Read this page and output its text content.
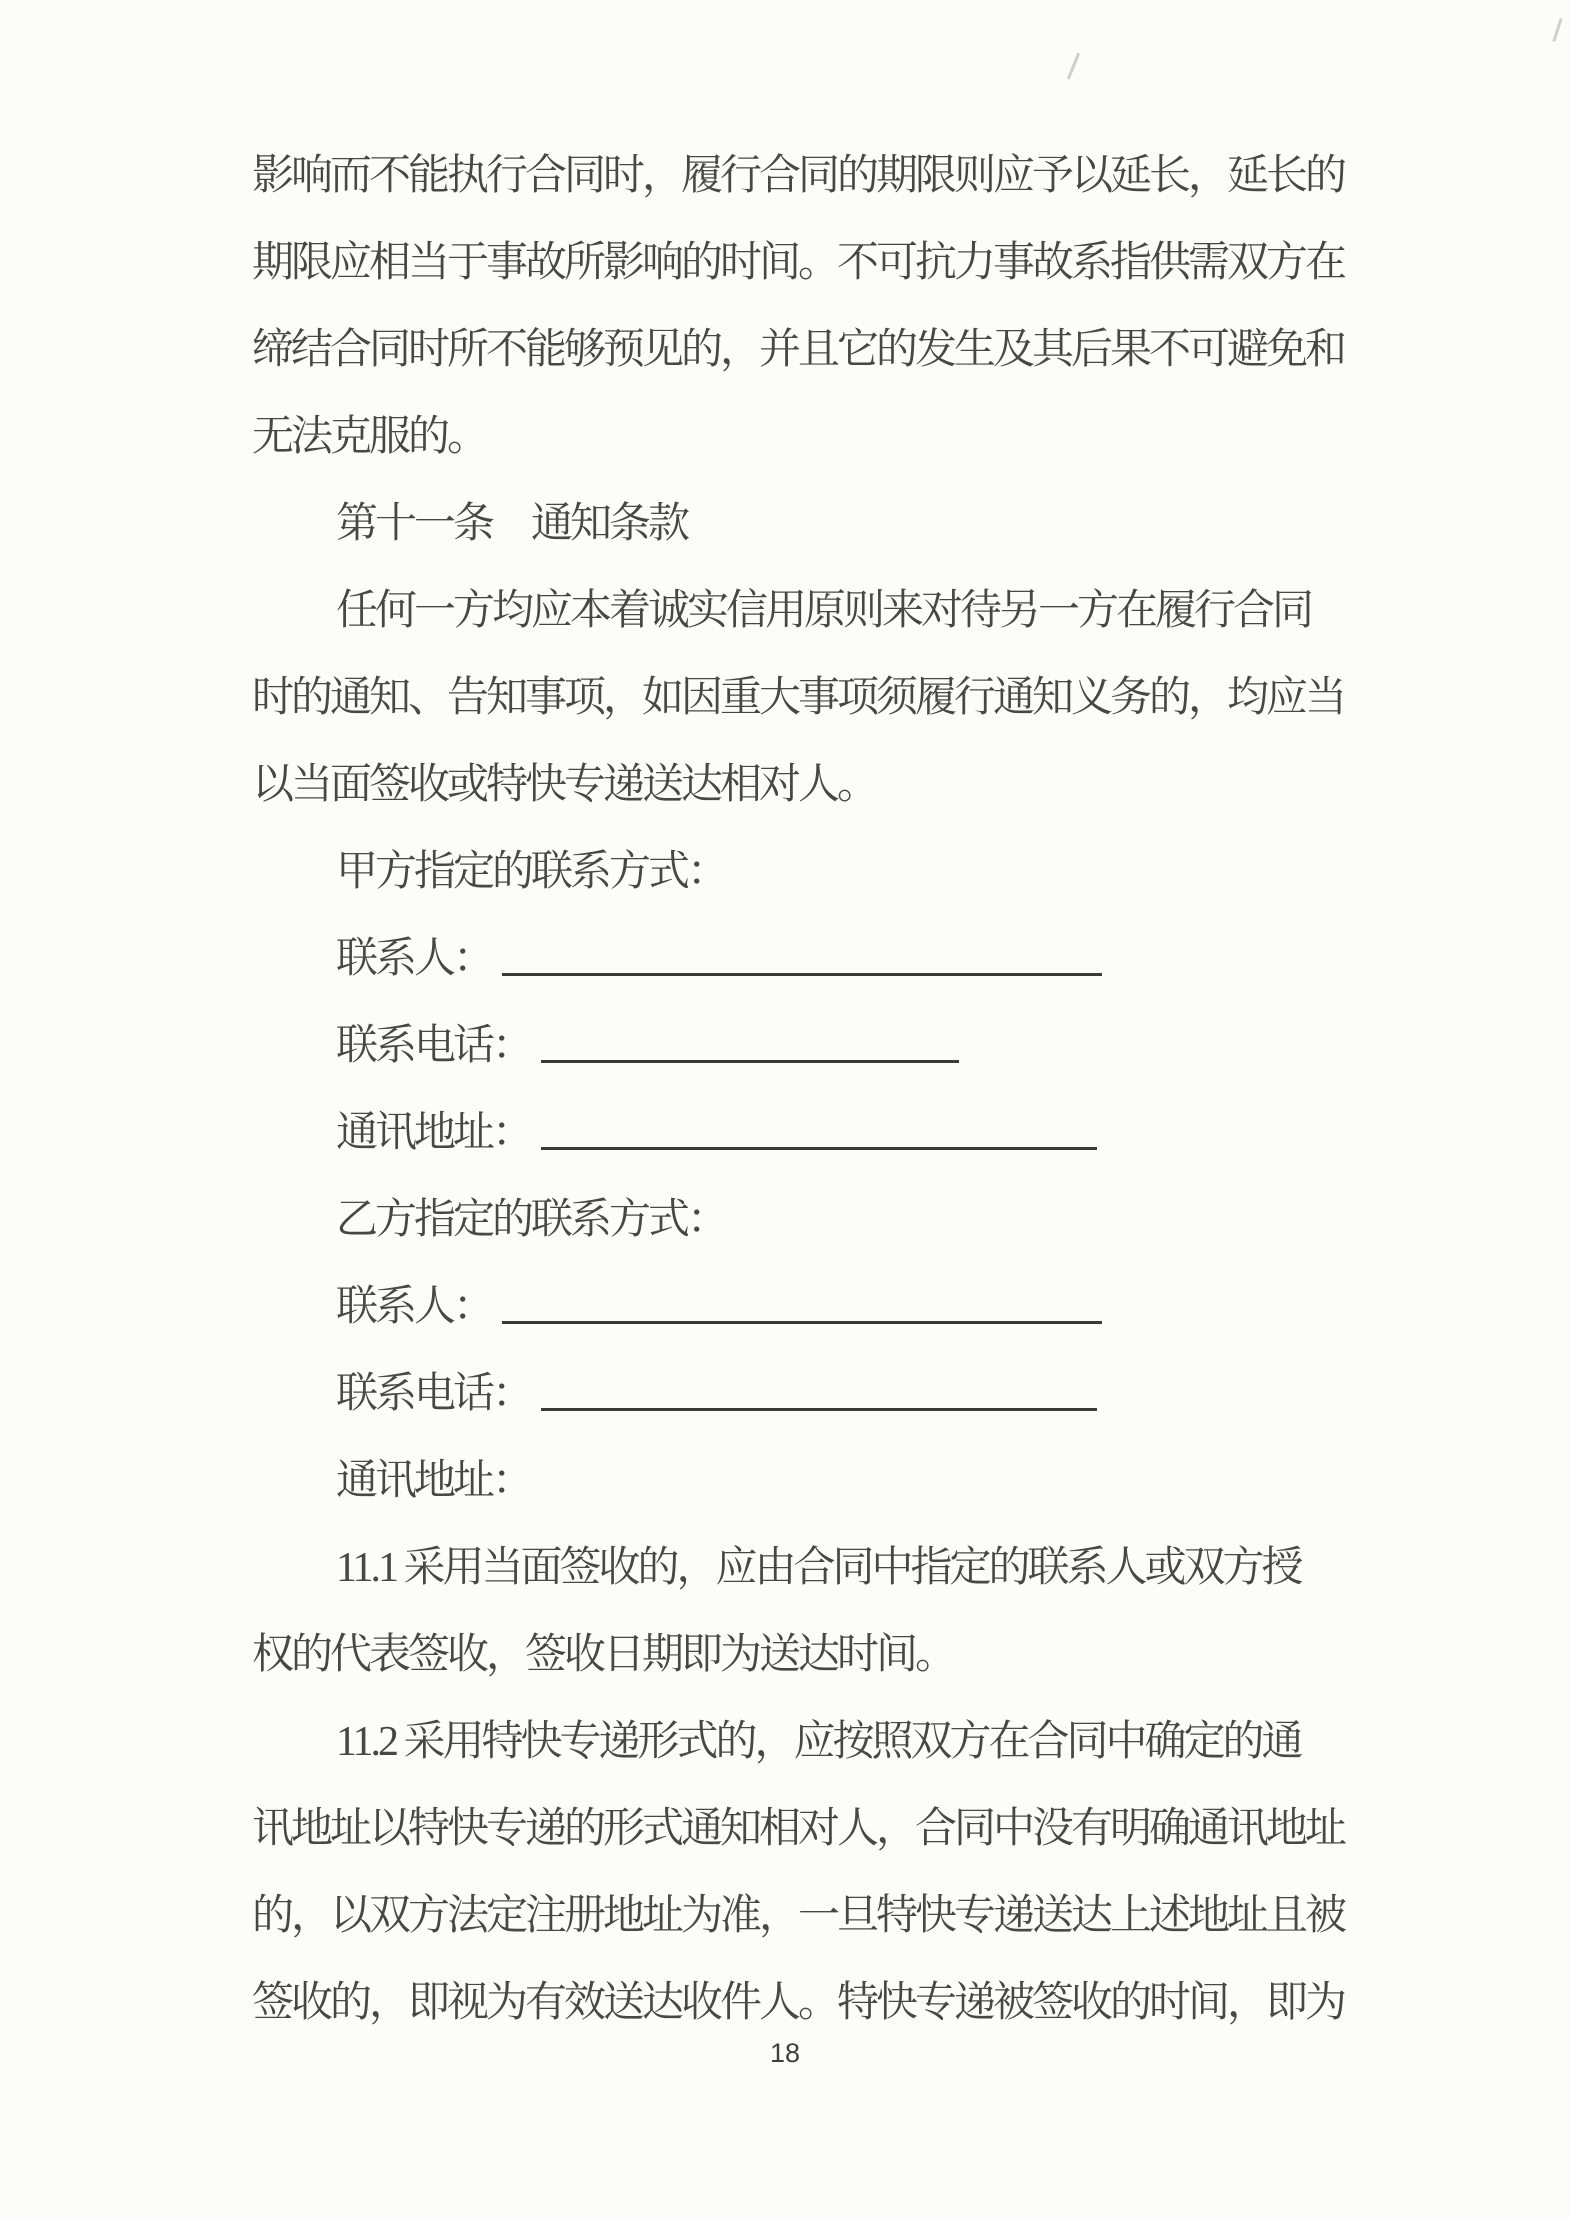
影响而不能执行合同时，履行合同的期限则应予以延长，延长的
期限应相当于事故所影响的时间。不可抗力事故系指供需双方在
缔结合同时所不能够预见的，并且它的发生及其后果不可避免和
无法克服的。
第十一条　通知条款
任何一方均应本着诚实信用原则来对待另一方在履行合同
时的通知、告知事项，如因重大事项须履行通知义务的，均应当
以当面签收或特快专递送达相对人。
甲方指定的联系方式：
联系人：
联系电话：
通讯地址：
乙方指定的联系方式：
联系人：
联系电话：
通讯地址：
11.1 采用当面签收的，应由合同中指定的联系人或双方授
权的代表签收，签收日期即为送达时间。
11.2 采用特快专递形式的，应按照双方在合同中确定的通
讯地址以特快专递的形式通知相对人，合同中没有明确通讯地址
的，以双方法定注册地址为准，一旦特快专递送达上述地址且被
签收的，即视为有效送达收件人。特快专递被签收的时间，即为
18
